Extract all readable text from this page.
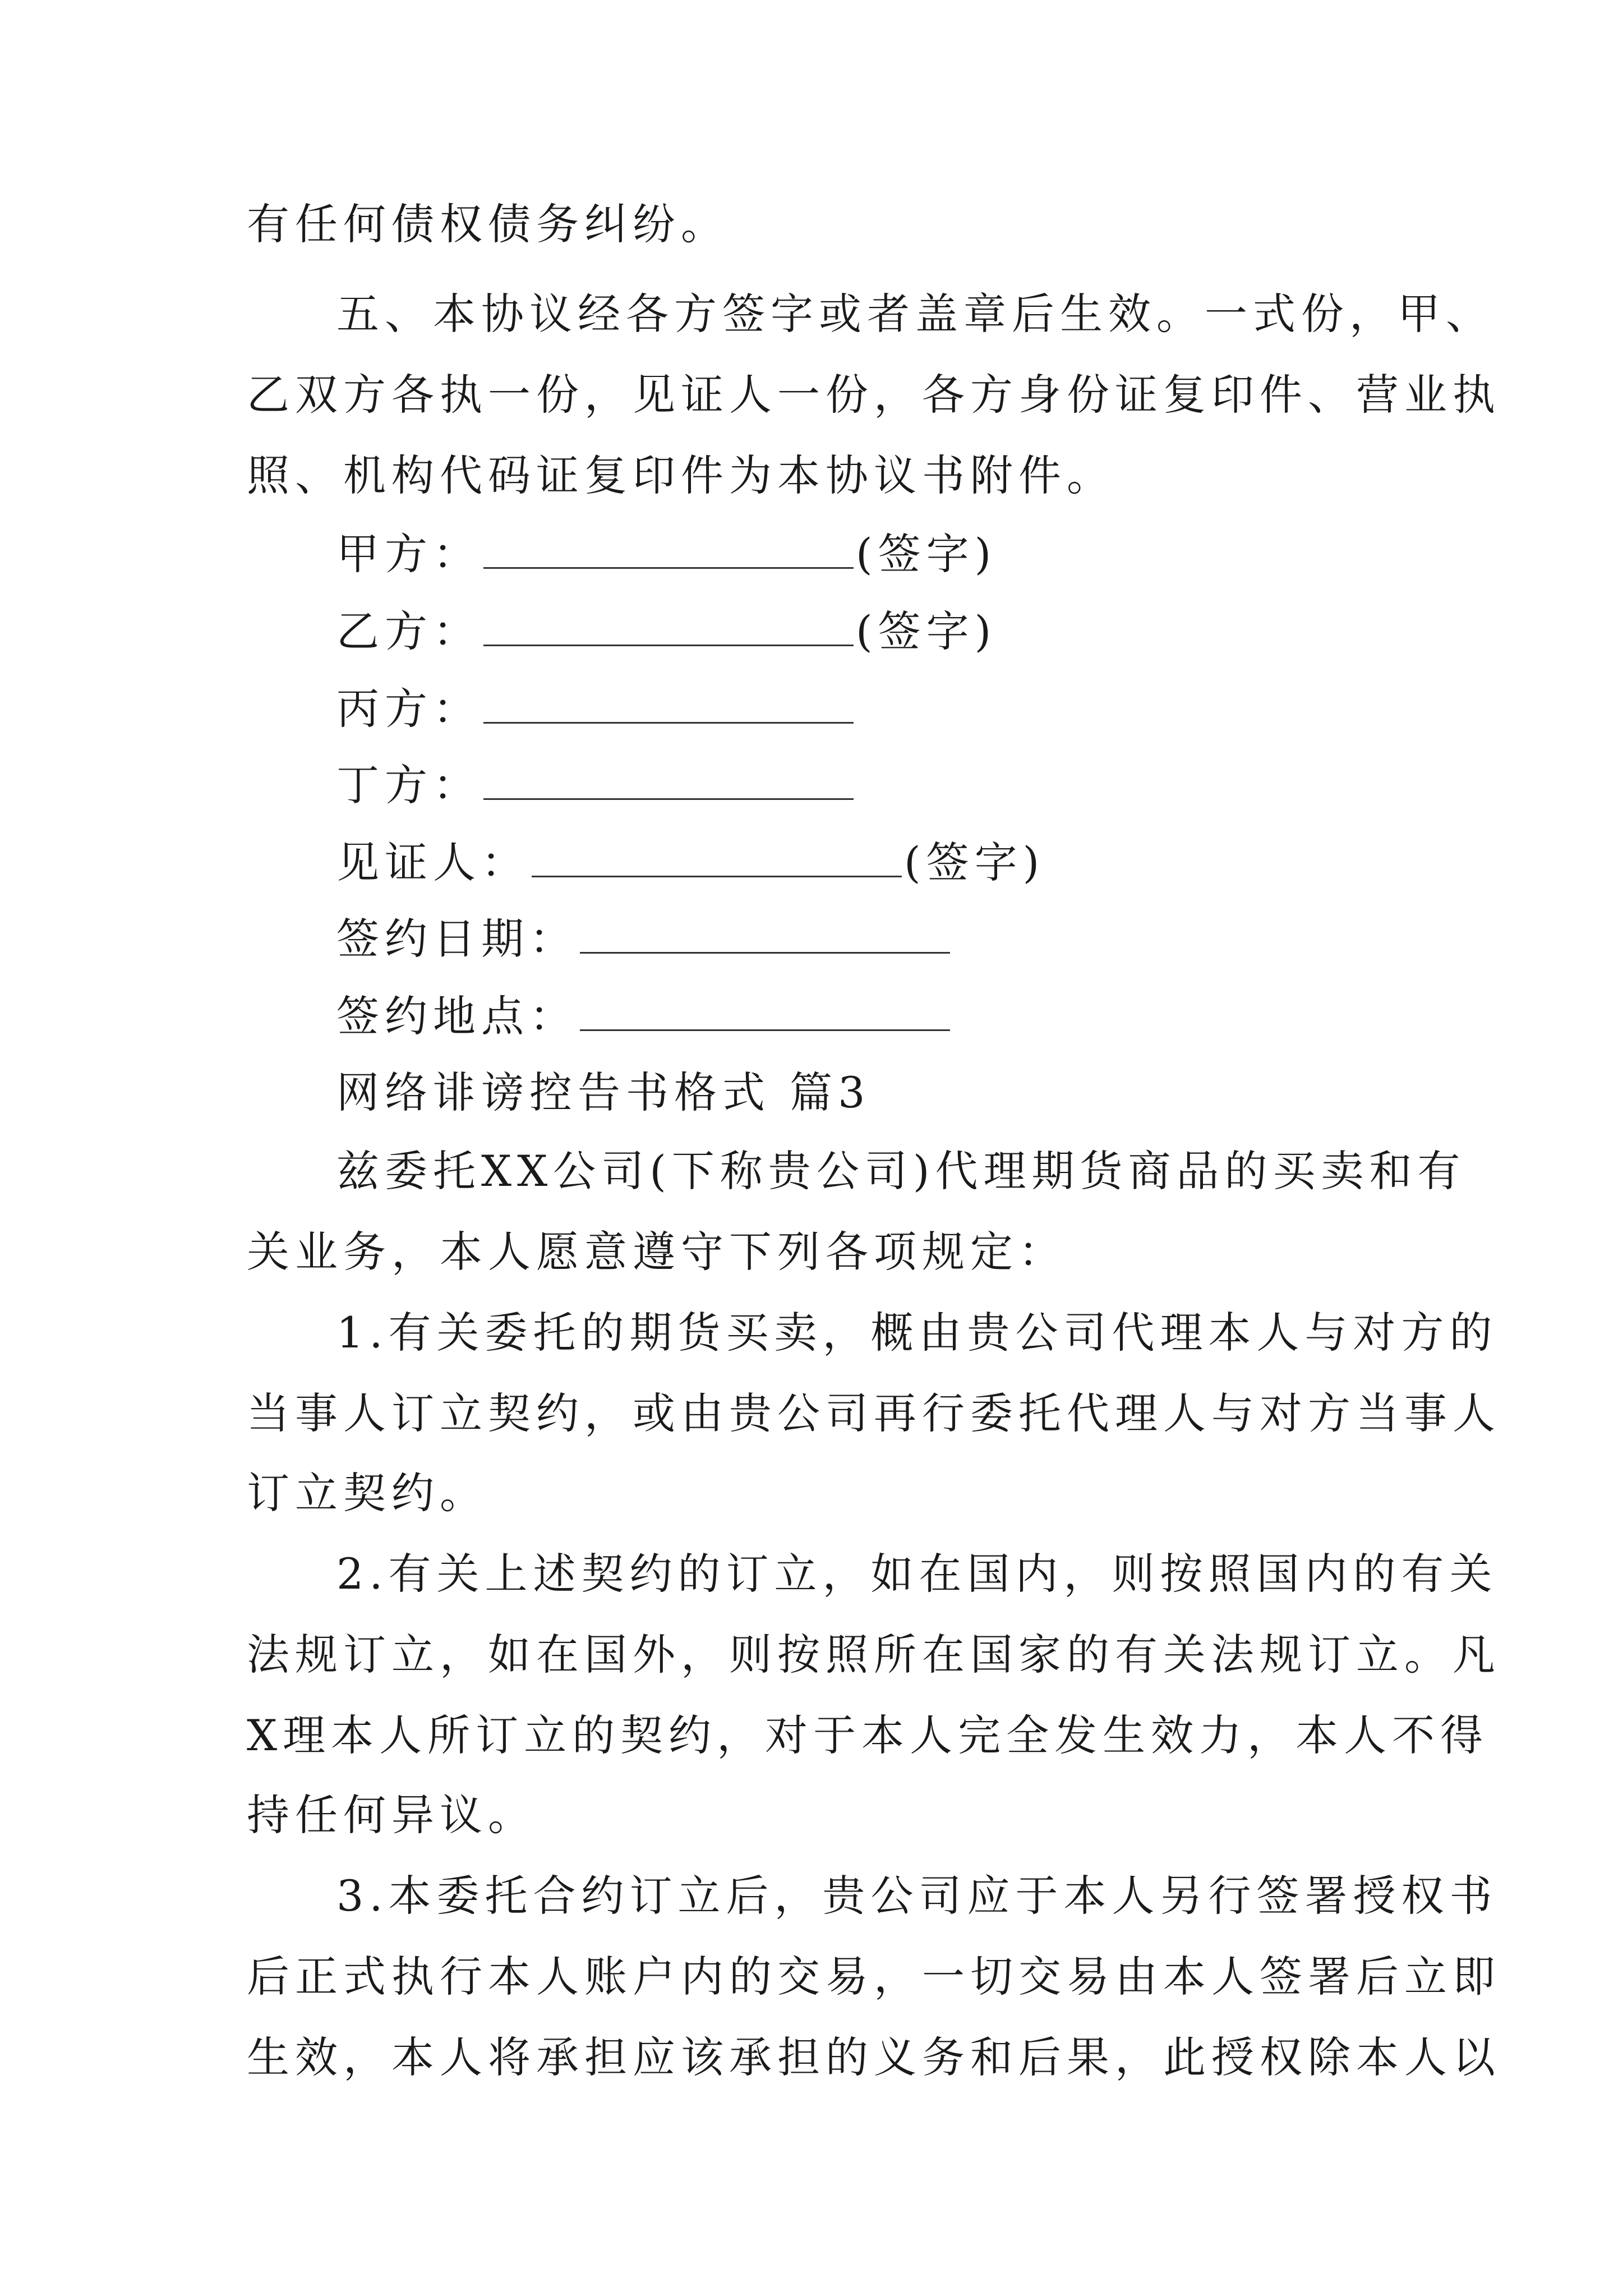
有任何债权债务纠纷。
五、本协议经各方签字或者盖章后生效。一式份，甲、
乙双方各执一份，见证人一份，各方身份证复印件、营业执
照、机构代码证复印件为本协议书附件。
甲方：	(签字)
乙方：	(签字)
丙方：
丁方：
见证人：	(签字)
签约日期：
签约地点：
网络诽谤控告书格式 篇3
兹委托XX公司(下称贵公司)代理期货商品的买卖和有
关业务，本人愿意遵守下列各项规定：
1.有关委托的期货买卖，概由贵公司代理本人与对方的
当事人订立契约，或由贵公司再行委托代理人与对方当事人
订立契约。
2.有关上述契约的订立，如在国内，则按照国内的有关
法规订立，如在国外，则按照所在国家的有关法规订立。凡
X理本人所订立的契约，对于本人完全发生效力，本人不得
持任何异议。
3.本委托合约订立后，贵公司应于本人另行签署授权书
后正式执行本人账户内的交易，一切交易由本人签署后立即
生效，本人将承担应该承担的义务和后果，此授权除本人以
